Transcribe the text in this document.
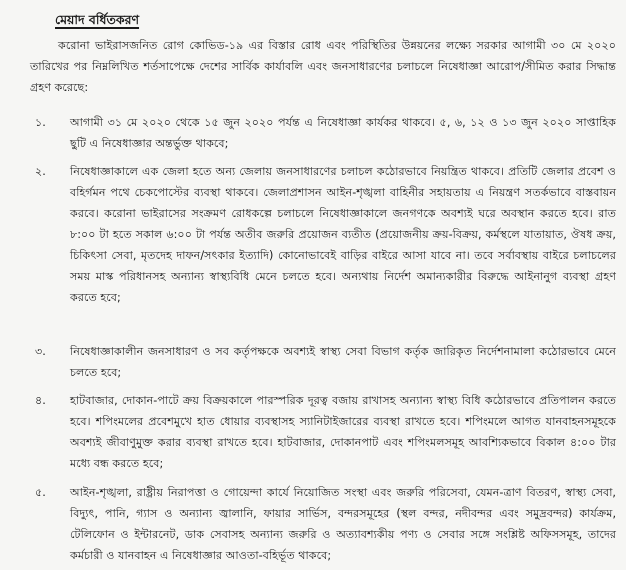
মেয়াদ বর্ধিতকরণ
করোনা ভাইরাসজনিত রোগ কোভিড-১৯ এর বিস্তার রোধ এবং পরিস্থিতির উন্নয়নের লক্ষ্যে সরকার আগামী ৩০ মে ২০২০ তারিখের পর নিম্নলিখিত শর্তসাপেক্ষে দেশের সার্বিক কার্যাবলি এবং জনসাধারণের চলাচলে নিষেধাজ্ঞা আরোপ/সীমিত করার সিদ্ধান্ত গ্রহণ করেছে:
১. আগামী ৩১ মে ২০২০ থেকে ১৫ জুন ২০২০ পর্যন্ত এ নিষেধাজ্ঞা কার্যকর থাকবে। ৫, ৬, ১২ ও ১৩ জুন ২০২০ সাপ্তাহিক ছুটি এ নিষেধাজ্ঞার অন্তর্ভুক্ত থাকবে;
২. নিষেধাজ্ঞাকালে এক জেলা হতে অন্য জেলায় জনসাধারণের চলাচল কঠোরভাবে নিয়ন্ত্রিত থাকবে। প্রতিটি জেলার প্রবেশ ও বহির্গমন পথে চেকপোস্টের ব্যবস্থা থাকবে। জেলাপ্রশাসন আইন-শৃঙ্খলা বাহিনীর সহায়তায় এ নিয়ন্ত্রণ সতর্কভাবে বাস্তবায়ন করবে। করোনা ভাইরাসের সংক্রমণ রোধকল্পে চলাচলে নিষেধাজ্ঞাকালে জনগণকে অবশ্যই ঘরে অবস্থান করতে হবে। রাত ৮:০০ টা হতে সকাল ৬:০০ টা পর্যন্ত অতীব জরুরি প্রয়োজন ব্যতীত (প্রয়োজনীয় ক্রয়-বিক্রয়, কর্মস্থলে যাতায়াত, ঔষধ ক্রয়, চিকিৎসা সেবা, মৃতদেহ দাফন/সৎকার ইত্যাদি) কোনোভাবেই বাড়ির বাইরে আসা যাবে না। তবে সর্বাবস্থায় বাইরে চলাচলের সময় মাস্ক পরিধানসহ অন্যান্য স্বাস্থ্যবিধি মেনে চলতে হবে। অন্যথায় নির্দেশ অমান্যকারীর বিরুদ্ধে আইনানুগ ব্যবস্থা গ্রহণ করতে হবে;
৩. নিষেধাজ্ঞাকালীন জনসাধারণ ও সব কর্তৃপক্ষকে অবশ্যই স্বাস্থ্য সেবা বিভাগ কর্তৃক জারিকৃত নির্দেশনামালা কঠোরভাবে মেনে চলতে হবে;
৪. হাটবাজার, দোকান-পাটে ক্রয় বিক্রয়কালে পারস্পরিক দূরত্ব বজায় রাখাসহ অন্যান্য স্বাস্থ্য বিধি কঠোরভাবে প্রতিপালন করতে হবে। শপিংমলের প্রবেশমুখে হাত ধোয়ার ব্যবস্থাসহ স্যানিটাইজারের ব্যবস্থা রাখতে হবে। শপিংমলে আগত যানবাহনসমূহকে অবশ্যই জীবাণুমুক্ত করার ব্যবস্থা রাখতে হবে। হাটবাজার, দোকানপাট এবং শপিংমলসমূহ আবশ্যিকভাবে বিকাল ৪:০০ টার মধ্যে বন্ধ করতে হবে;
৫. আইন-শৃঙ্খলা, রাষ্ট্রীয় নিরাপত্তা ও গোয়েন্দা কার্যে নিয়োজিত সংস্থা এবং জরুরি পরিসেবা, যেমন-ত্রাণ বিতরণ, স্বাস্থ্য সেবা, বিদ্যুৎ, পানি, গ্যাস ও অন্যান্য জ্বালানি, ফায়ার সার্ভিস, বন্দরসমূহের (স্থল বন্দর, নদীবন্দর এবং সমুদ্রবন্দর) কার্যক্রম, টেলিফোন ও ইন্টারনেট, ডাক সেবাসহ অন্যান্য জরুরি ও অত্যাবশ্যকীয় পণ্য ও সেবার সঙ্গে সংশ্লিষ্ট অফিসসমূহ, তাদের কর্মচারী ও যানবাহন এ নিষেধাজ্ঞার আওতা-বহির্ভূত থাকবে;
